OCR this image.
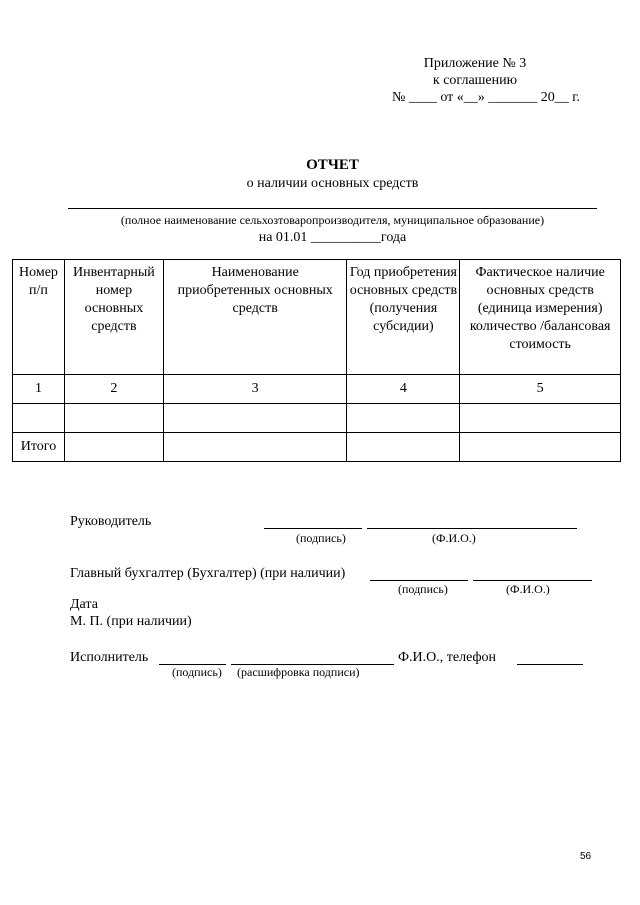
Приложение № 3
к соглашению
№ ____ от «__» _______ 20__ г.
ОТЧЕТ
о наличии основных средств
(полное наименование сельхозтоваропроизводителя, муниципальное образование)
на 01.01 __________года
Номер п/п	Инвентарный номер основных средств	Наименование приобретенных основных средств	Год приобретения основных средств (получения субсидии)	Фактическое наличие основных средств (единица измерения) количество /балансовая стоимость
1	2	3	4	5

Итого				
Руководитель
(подпись)	(Ф.И.О.)
Главный бухгалтер (Бухгалтер) (при наличии)
(подпись)	(Ф.И.О.)
Дата
М. П. (при наличии)
Исполнитель	Ф.И.О., телефон
(подпись) (расшифровка подписи)
56
